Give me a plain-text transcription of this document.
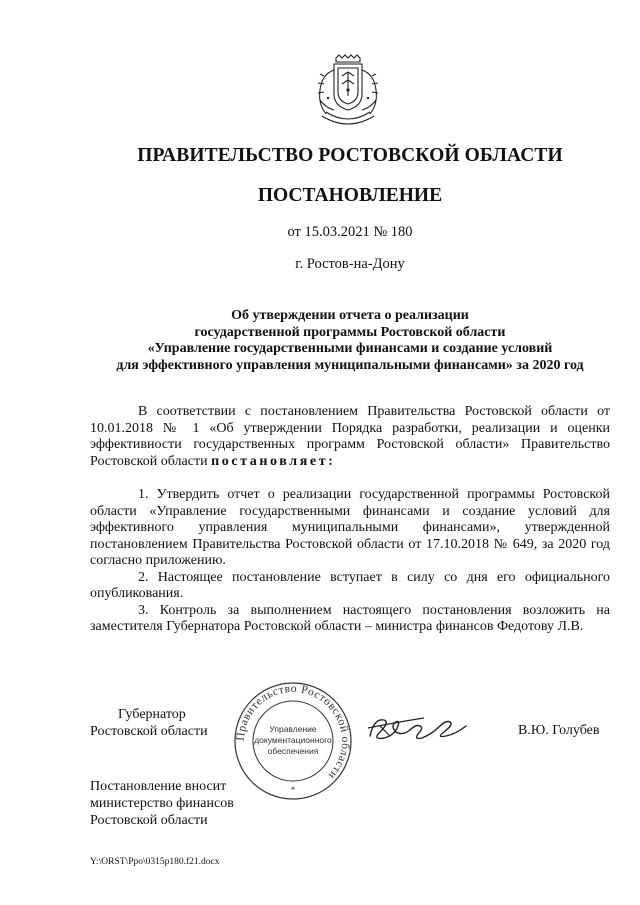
ПРАВИТЕЛЬСТВО РОСТОВСКОЙ ОБЛАСТИ
ПОСТАНОВЛЕНИЕ
от 15.03.2021 № 180
г. Ростов-на-Дону
Об утверждении отчета о реализации
государственной программы Ростовской области
«Управление государственными финансами и создание условий
для эффективного управления муниципальными финансами» за 2020 год

В соответствии с постановлением Правительства Ростовской области от 10.01.2018 № 1 «Об утверждении Порядка разработки, реализации и оценки эффективности государственных программ Ростовской области» Правительство Ростовской области постановляет:

1. Утвердить отчет о реализации государственной программы Ростовской области «Управление государственными финансами и создание условий для эффективного управления муниципальными финансами», утвержденной постановлением Правительства Ростовской области от 17.10.2018 № 649, за 2020 год согласно приложению.

2. Настоящее постановление вступает в силу со дня его официального опубликования.

3. Контроль за выполнением настоящего постановления возложить на заместителя Губернатора Ростовской области – министра финансов Федотову Л.В.

Губернатор
Ростовской области Правительство Ростовской области
Управление
документационного
обеспечения
*
В.Ю. Голубев
Постановление вносит
министерство финансов
Ростовской области
Y:\ORST\Ppo\0315p180.f21.docx
